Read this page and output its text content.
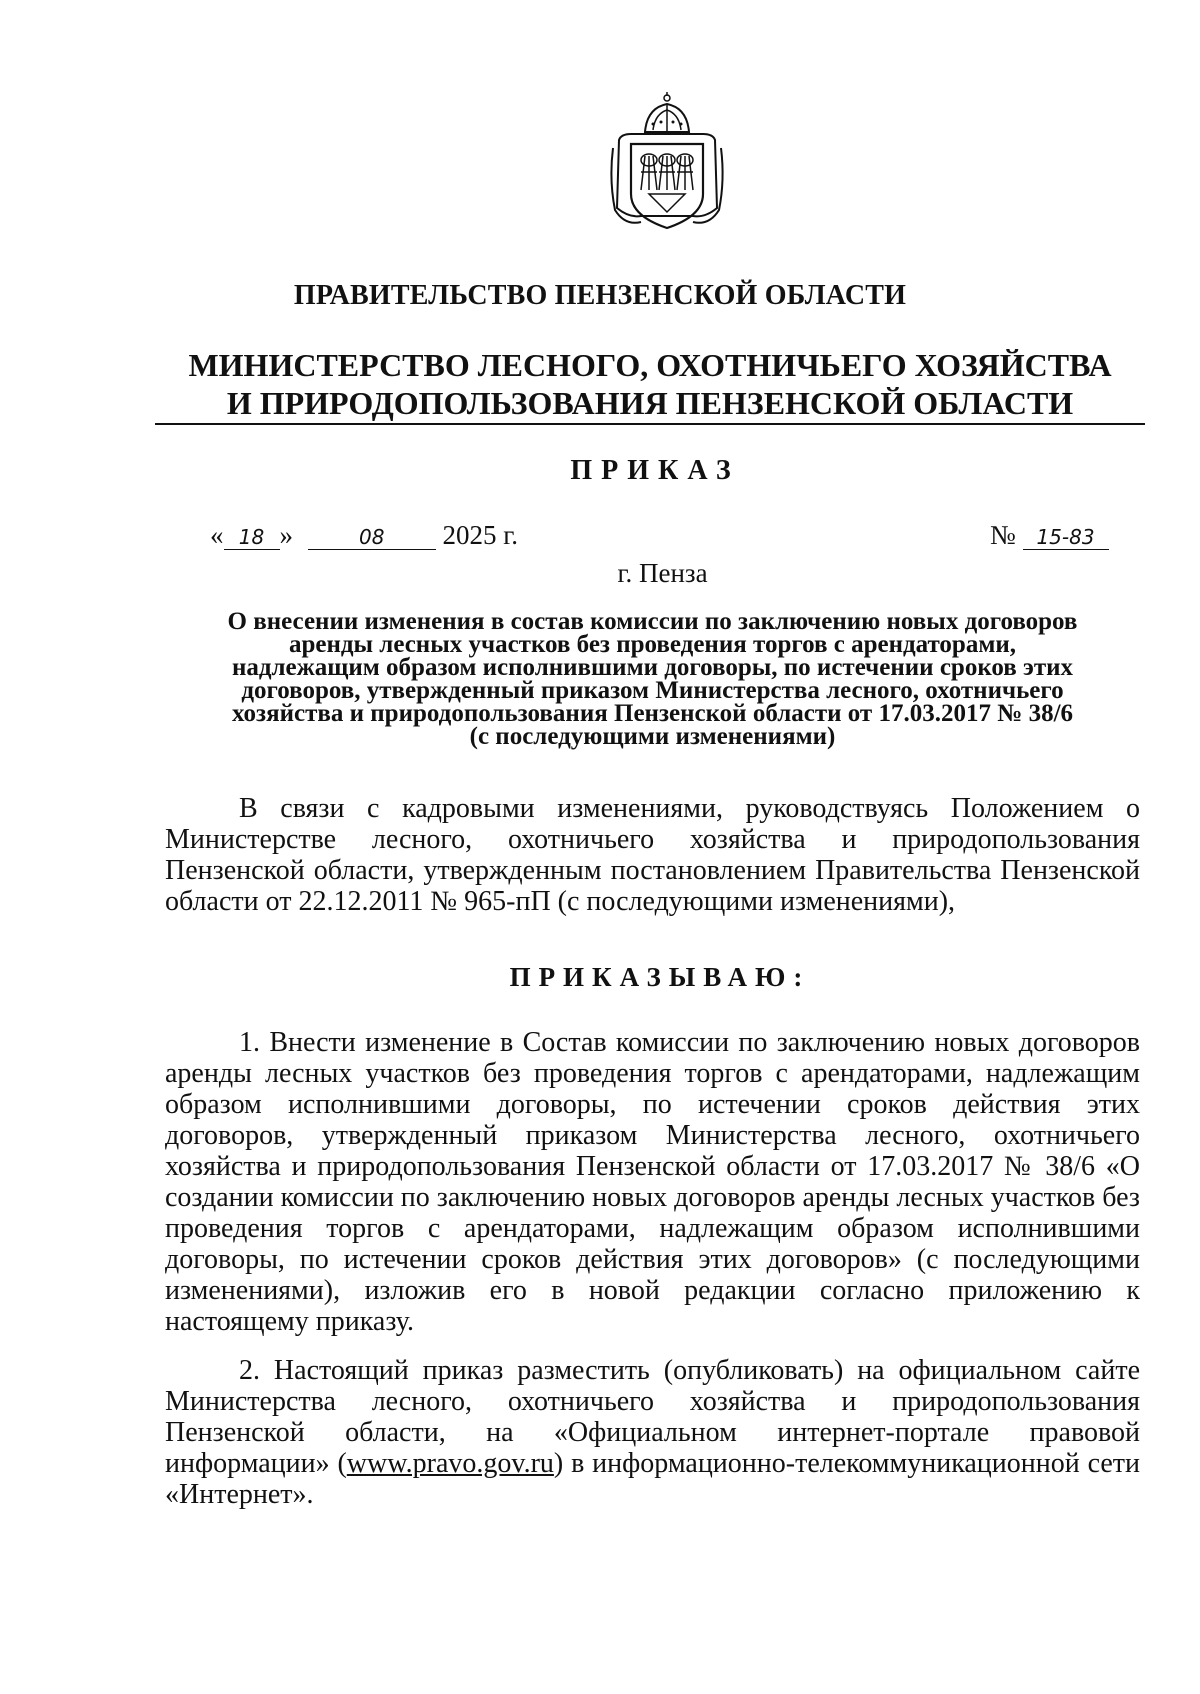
ПРАВИТЕЛЬСТВО ПЕНЗЕНСКОЙ ОБЛАСТИ
МИНИСТЕРСТВО ЛЕСНОГО, ОХОТНИЧЬЕГО ХОЗЯЙСТВА
И ПРИРОДОПОЛЬЗОВАНИЯ ПЕНЗЕНСКОЙ ОБЛАСТИ
ПРИКАЗ
« 18 »	08 2025 г.	№ 15-83
г. Пенза
О внесении изменения в состав комиссии по заключению новых договоров
аренды лесных участков без проведения торгов с арендаторами,
надлежащим образом исполнившими договоры, по истечении сроков этих
договоров, утвержденный приказом Министерства лесного, охотничьего
хозяйства и природопользования Пензенской области от 17.03.2017 № 38/6
(с последующими изменениями)
В связи с кадровыми изменениями, руководствуясь Положением о Министерстве лесного, охотничьего хозяйства и природопользования Пензенской области, утвержденным постановлением Правительства Пензенской области от 22.12.2011 № 965-пП (с последующими изменениями),
ПРИКАЗЫВАЮ:
1. Внести изменение в Состав комиссии по заключению новых договоров аренды лесных участков без проведения торгов с арендаторами, надлежащим образом исполнившими договоры, по истечении сроков действия этих договоров, утвержденный приказом Министерства лесного, охотничьего хозяйства и природопользования Пензенской области от 17.03.2017 № 38/6 «О создании комиссии по заключению новых договоров аренды лесных участков без проведения торгов с арендаторами, надлежащим образом исполнившими договоры, по истечении сроков действия этих договоров» (с последующими изменениями), изложив его в новой редакции согласно приложению к настоящему приказу.
2. Настоящий приказ разместить (опубликовать) на официальном сайте Министерства лесного, охотничьего хозяйства и природопользования Пензенской области, на «Официальном интернет-портале правовой информации» (www.pravo.gov.ru) в информационно-телекоммуникационной сети «Интернет».
